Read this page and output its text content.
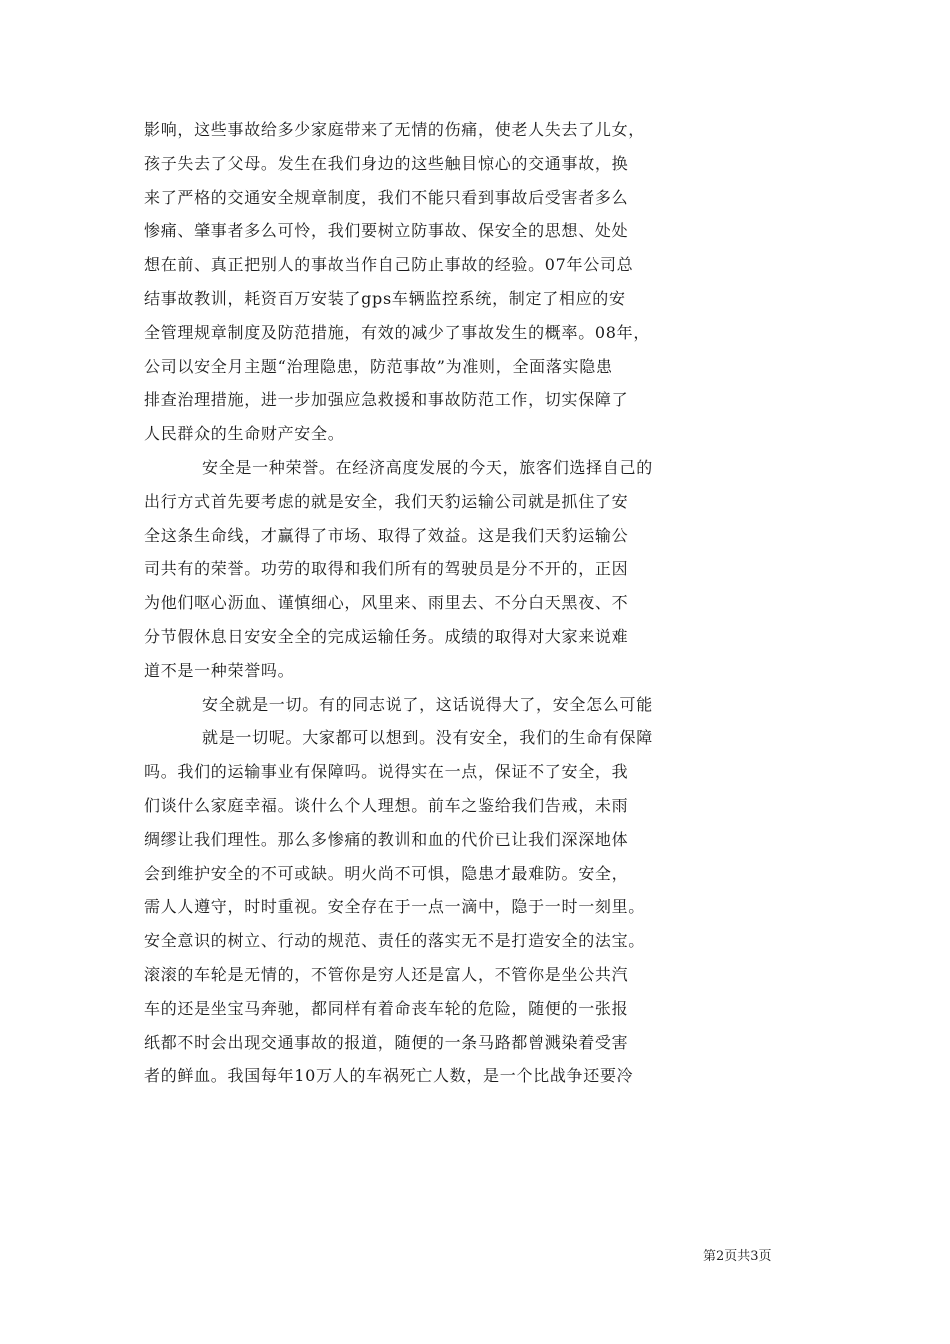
影响，这些事故给多少家庭带来了无情的伤痛，使老人失去了儿女，
孩子失去了父母。发生在我们身边的这些触目惊心的交通事故，换
来了严格的交通安全规章制度，我们不能只看到事故后受害者多么
惨痛、肇事者多么可怜，我们要树立防事故、保安全的思想、处处
想在前、真正把别人的事故当作自己防止事故的经验。07年公司总
结事故教训，耗资百万安装了gps车辆监控系统，制定了相应的安
全管理规章制度及防范措施，有效的减少了事故发生的概率。08年，
公司以安全月主题“治理隐患，防范事故”为准则，全面落实隐患
排查治理措施，进一步加强应急救援和事故防范工作，切实保障了
人民群众的生命财产安全。
安全是一种荣誉。在经济高度发展的今天，旅客们选择自己的
出行方式首先要考虑的就是安全，我们天豹运输公司就是抓住了安
全这条生命线，才赢得了市场、取得了效益。这是我们天豹运输公
司共有的荣誉。功劳的取得和我们所有的驾驶员是分不开的，正因
为他们呕心沥血、谨慎细心，风里来、雨里去、不分白天黑夜、不
分节假休息日安安全全的完成运输任务。成绩的取得对大家来说难
道不是一种荣誉吗。
安全就是一切。有的同志说了，这话说得大了，安全怎么可能
就是一切呢。大家都可以想到。没有安全，我们的生命有保障
吗。我们的运输事业有保障吗。说得实在一点，保证不了安全，我
们谈什么家庭幸福。谈什么个人理想。前车之鉴给我们告戒，未雨
绸缪让我们理性。那么多惨痛的教训和血的代价已让我们深深地体
会到维护安全的不可或缺。明火尚不可惧，隐患才最难防。安全，
需人人遵守，时时重视。安全存在于一点一滴中，隐于一时一刻里。
安全意识的树立、行动的规范、责任的落实无不是打造安全的法宝。
滚滚的车轮是无情的，不管你是穷人还是富人，不管你是坐公共汽
车的还是坐宝马奔驰，都同样有着命丧车轮的危险，随便的一张报
纸都不时会出现交通事故的报道，随便的一条马路都曾溅染着受害
者的鲜血。我国每年10万人的车祸死亡人数，是一个比战争还要冷
第2页共3页
